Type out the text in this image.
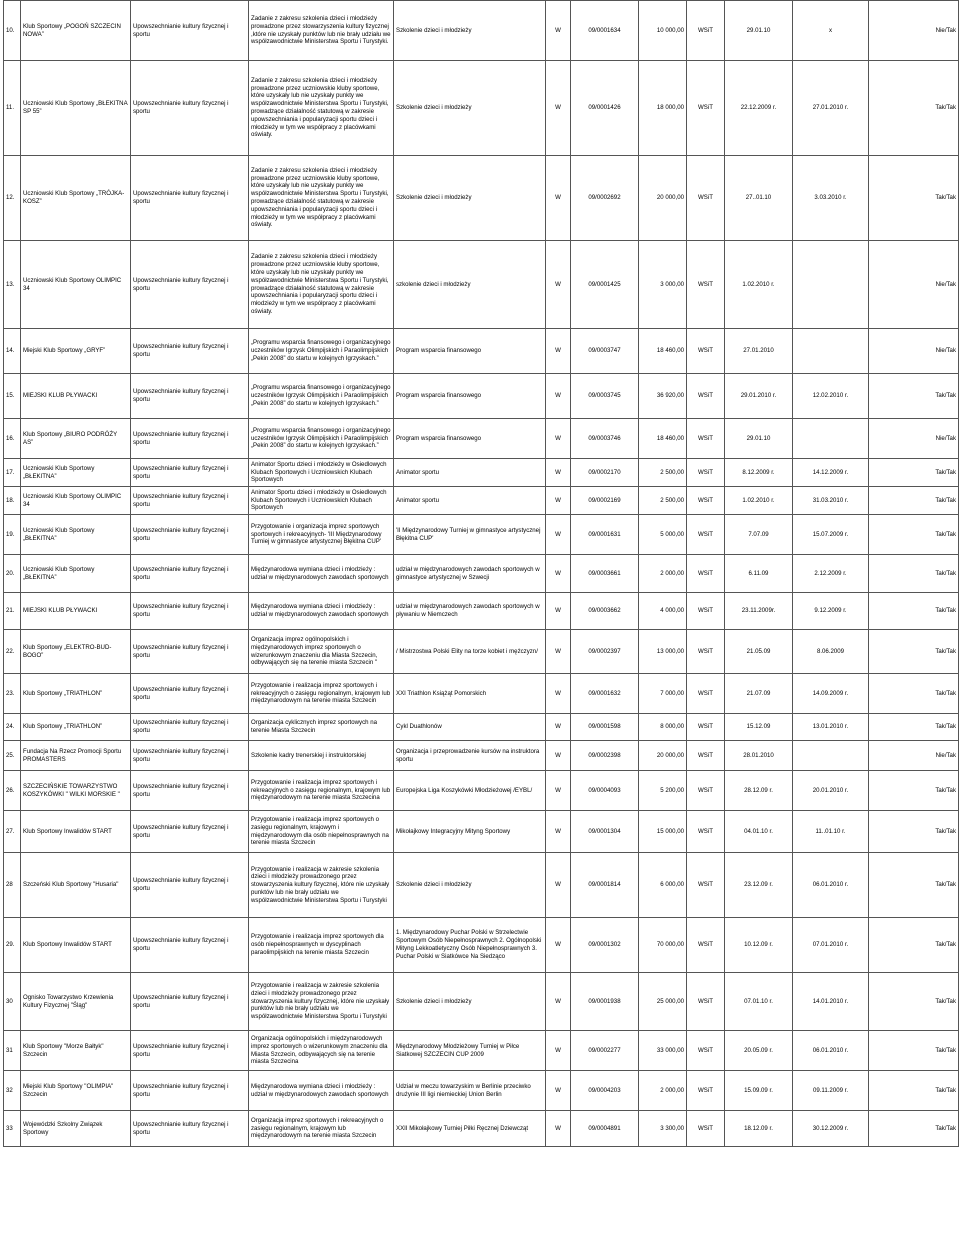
10.	Klub Sportowy „POGOŃ SZCZECIN NOWA”	Upowszechnianie kultury fizycznej i sportu	Zadanie z zakresu szkolenia dzieci i młodzieży prowadzone przez stowarzyszenia kultury fizycznej ,które nie uzyskały punktów lub nie brały udziału we współzawodnictwie Ministerstwa Sportu i Turystyki.	Szkolenie dzieci i młodzieży	W	09/0001634	10 000,00	WSiT	29.01.10	x	Nie/Tak
11.	Uczniowski Klub Sportowy „BŁEKITNA SP 55”	Upowszechnianie kultury fizycznej i sportu	Zadanie z zakresu szkolenia dzieci i młodzieży prowadzone przez uczniowskie kluby sportowe, które uzyskały lub nie uzyskały punkty we współzawodnictwie Ministerstwa Sportu i Turystyki, prowadzące działalność statutową w zakresie upowszechniania i popularyzacji sportu dzieci i młodzieży w tym we współpracy z placówkami oświaty.	Szkolenie dzieci i młodzieży	W	09/0001426	18 000,00	WSiT	22.12.2009 r.	27.01.2010 r.	Tak/Tak
12.	Uczniowski Klub Sportowy „TRÓJKA-KOSZ”	Upowszechnianie kultury fizycznej i sportu	Zadanie z zakresu szkolenia dzieci i młodzieży prowadzone przez uczniowskie kluby sportowe, które uzyskały lub nie uzyskały punkty we współzawodnictwie Ministerstwa Sportu i Turystyki, prowadzące działalność statutową w zakresie upowszechniania i popularyzacji sportu dzieci i młodzieży w tym we współpracy z placówkami oświaty.	Szkolenie dzieci i młodzieży	W	09/0002692	20 000,00	WSiT	27..01.10	3.03.2010 r.	Tak/Tak
13.	Uczniowski Klub Sportowy OLIMPIC 34	Upowszechnianie kultury fizycznej i sportu	Zadanie z zakresu szkolenia dzieci i młodzieży prowadzone przez uczniowskie kluby sportowe, które uzyskały lub nie uzyskały punkty we współzawodnictwie Ministerstwa Sportu i Turystyki, prowadzące działalność statutową w zakresie upowszechniania i popularyzacji sportu dzieci i młodzieży w tym we współpracy z placówkami oświaty.	szkolenie dzieci i młodzieży	W	09/0001425	3 000,00	WSiT	1.02.2010 r.		Nie/Tak
14.	Miejski Klub Sportowy „GRYF”	Upowszechnianie kultury fizycznej i sportu	„Programu wsparcia finansowego i organizacyjnego uczestników Igrzysk Olimpijskich i Paraolimpijskich „Pekin 2008” do startu w kolejnych Igrzyskach.”	Program wsparcia finansowego	W	09/0003747	18 460,00	WSiT	27.01.2010		Nie/Tak
15.	MIEJSKI KLUB PŁYWACKI	Upowszechnianie kultury fizycznej i sportu	„Programu wsparcia finansowego i organizacyjnego uczestników Igrzysk Olimpijskich i Paraolimpijskich „Pekin 2008” do startu w kolejnych Igrzyskach.”	Program wsparcia finansowego	W	09/0003745	36 920,00	WSiT	29.01.2010 r.	12.02.2010 r.	Tak/Tak
16.	Klub Sportowy „BIURO PODRÓŻY AS”	Upowszechnianie kultury fizycznej i sportu	„Programu wsparcia finansowego i organizacyjnego uczestników Igrzysk Olimpijskich i Paraolimpijskich „Pekin 2008” do startu w kolejnych Igrzyskach.”	Program wsparcia finansowego	W	09/0003746	18 460,00	WSiT	29.01.10		Nie/Tak
17.	Uczniowski Klub Sportowy „BŁEKITNA”	Upowszechnianie kultury fizycznej i sportu	Animator Sportu dzieci i młodzieży w Osiedlowych Klubach Sportowych i Uczniowskich Klubach Sportowych	Animator sportu	W	09/0002170	2 500,00	WSiT	8.12.2009 r.	14.12.2009 r.	Tak/Tak
18.	Uczniowski Klub Sportowy OLIMPIC 34	Upowszechnianie kultury fizycznej i sportu	Animator Sportu dzieci i młodzieży w Osiedlowych Klubach Sportowych i Uczniowskich Klubach Sportowych	Animator sportu	W	09/0002169	2 500,00	WSiT	1.02.2010 r.	31.03.2010 r.	Tak/Tak
19.	Uczniowski Klub Sportowy „BŁEKITNA”	Upowszechnianie kultury fizycznej i sportu	Przygotowanie i organizacja imprez sportowych sportowych i rekreacyjnych- 'III Międzynarodowy Turniej w gimnastyce artystycznej Błękitna CUP'	'II Międzynarodowy Turniej w gimnastyce artystycznej Błękitna CUP'	W	09/0001631	5 000,00	WSiT	7.07.09	15.07.2009 r.	Tak/Tak
20.	Uczniowski Klub Sportowy „BŁEKITNA”	Upowszechnianie kultury fizycznej i sportu	Międzynarodowa wymiana dzieci i młodzieży : udział w międzynarodowych zawodach sportowych	udział w międzynarodowych zawodach sportowych w gimnastyce artystycznej w Szwecji	W	09/0003661	2 000,00	WSiT	6.11.09	2.12.2009 r.	Tak/Tak
21.	MIEJSKI KLUB PŁYWACKI	Upowszechnianie kultury fizycznej i sportu	Międzynarodowa wymiana dzieci i młodzieży : udział w międzynarodowych zawodach sportowych	udział w międzynarodowych zawodach sportowych w pływaniu w Niemczech	W	09/0003662	4 000,00	WSiT	23.11.2009r.	9.12.2009 r.	Tak/Tak
22.	Klub Sportowy „ELEKTRO-BUD-BOGO”	Upowszechnianie kultury fizycznej i sportu	Organizacja imprez ogólnopolskich i międzynarodowych imprez sportowych o wizerunkowym znaczeniu dla Miasta Szczecin, odbywających się na terenie miasta Szczecin "	/ Mistrzostwa Polski Elity na torze kobiet i mężczyzn/	W	09/0002397	13 000,00	WSiT	21.05.09	8.06.2009	Tak/Tak
23.	Klub Sportowy „TRIATHLON”	Upowszechnianie kultury fizycznej i sportu	Przygotowanie i realizacja imprez sportowych i rekreacyjnych o zasięgu regionalnym, krajowym lub międzynarodowym na terenie miasta Szczecin	XXI Triathlon Książąt Pomorskich	W	09/0001632	7 000,00	WSiT	21.07.09	14.09.2009 r.	Tak/Tak
24.	Klub Sportowy „TRIATHLON”	Upowszechnianie kultury fizycznej i sportu	Organizacja cyklicznych imprez sportowych na terenie Miasta Szczecin	Cykl Duathlonów	W	09/0001598	8 000,00	WSiT	15.12.09	13.01.2010 r.	Tak/Tak
25.	Fundacja Na Rzecz Promocji Sportu PROMASTERS	Upowszechnianie kultury fizycznej i sportu	Szkolenie kadry trenerskiej i instruktorskiej	Organizacja i przeprowadzenie kursów na instruktora sportu	W	09/0002398	20 000,00	WSiT	28.01.2010		Nie/Tak
26.	SZCZECIŃSKIE TOWARZYSTWO KOSZYKÓWKI " WILKI MORSKIE "	Upowszechnianie kultury fizycznej i sportu	Przygotowanie i realizacja imprez sportowych i rekreacyjnych o zasięgu regionalnym, krajowym lub międzynarodowym na terenie miasta Szczecina	Europejska Liga Koszykówki Młodzieżowej /EYBL/	W	09/0004093	5 200,00	WSiT	28.12.09 r.	20.01.2010 r.	Tak/Tak
27.	Klub Sportowy Inwalidów START	Upowszechnianie kultury fizycznej i sportu	Przygotowanie i realizacja imprez sportowych o zasięgu regionalnym, krajowym i międzynarodowym dla osób niepełnosprawnych na terenie miasta Szczecin	Mikołajkowy Integracyjny Mityng Sportowy	W	09/0001304	15 000,00	WSiT	04.01.10 r.	11..01.10 r.	Tak/Tak
28	Szczeński Klub Sportowy "Husaria"	Upowszechnianie kultury fizycznej i sportu	Przygotowanie i realizacja w zakresie szkolenia dzieci i młodzieży prowadzonego przez stowarzyszenia kultury fizycznej, które nie uzyskały punktów lub nie brały udziału we współzawodnictwie Ministerstwa Sportu i Turystyki	Szkolenie dzieci i młodzieży	W	09/0001814	6 000,00	WSiT	23.12.09 r.	06.01.2010 r.	Tak/Tak
29.	Klub Sportowy Inwalidów START	Upowszechnianie kultury fizycznej i sportu	Przygotowanie i realizacja imprez sportowych dla osób niepełnosprawnych w dyscyplinach paraolimpijskich na terenie miasta Szczecin	1. Międzynarodowy Puchar Polski w Strzelectwie Sportowym Osób Niepełnosprawnych 2. Ogólnopolski Mityng Lekkoatletyczny Osób Niepełnosprawnych 3. Puchar Polski w Siatkówce Na Siedząco	W	09/0001302	70 000,00	WSiT	10.12.09 r.	07.01.2010 r.	Tak/Tak
30	Ognisko Towarzystwo Krzewienia Kultury Fizycznej "Śląg"	Upowszechnianie kultury fizycznej i sportu	Przygotowanie i realizacja w zakresie szkolenia dzieci i młodzieży prowadzonego przez stowarzyszenia kultury fizycznej, które nie uzyskały punktów lub nie brały udziału we współzawodnictwie Ministerstwa Sportu i Turystyki	Szkolenie dzieci i młodzieży	W	09/0001938	25 000,00	WSiT	07.01.10 r.	14.01.2010 r.	Tak/Tak
31	Klub Sportowy "Morze Bałtyk" Szczecin	Upowszechnianie kultury fizycznej i sportu	Organizacja ogólnopolskich i międzynarodowych imprez sportowych o wizerunkowym znaczeniu dla Miasta Szczecin, odbywających się na terenie miasta Szczecina	Międzynarodowy Młodzieżowy Turniej w Piłce Siatkowej SZCZECIN CUP 2009	W	09/0002277	33 000,00	WSiT	20.05.09 r.	06.01.2010 r.	Tak/Tak
32	Miejski Klub Sportowy "OLIMPIA" Szczecin	Upowszechnianie kultury fizycznej i sportu	Międzynarodowa wymiana dzieci i młodzieży : udział w międzynarodowych zawodach sportowych	Udział w meczu towarzyskim w Berlinie przeciwko drużynie III ligi niemieckiej Union Berlin	W	09/0004203	2 000,00	WSiT	15.09.09 r.	09.11.2009 r.	Tak/Tak
33	Wojewódzki Szkolny Związek Sportowy	Upowszechnianie kultury fizycznej i sportu	Organizacja imprez sportowych i rekreacyjnych o zasięgu regionalnym, krajowym lub międzynarodowym na terenie miasta Szczecin	XXII Mikołajkowy Turniej Piłki Ręcznej Dziewcząt	W	09/0004891	3 300,00	WSiT	18.12.09 r.	30.12.2009 r.	Tak/Tak
